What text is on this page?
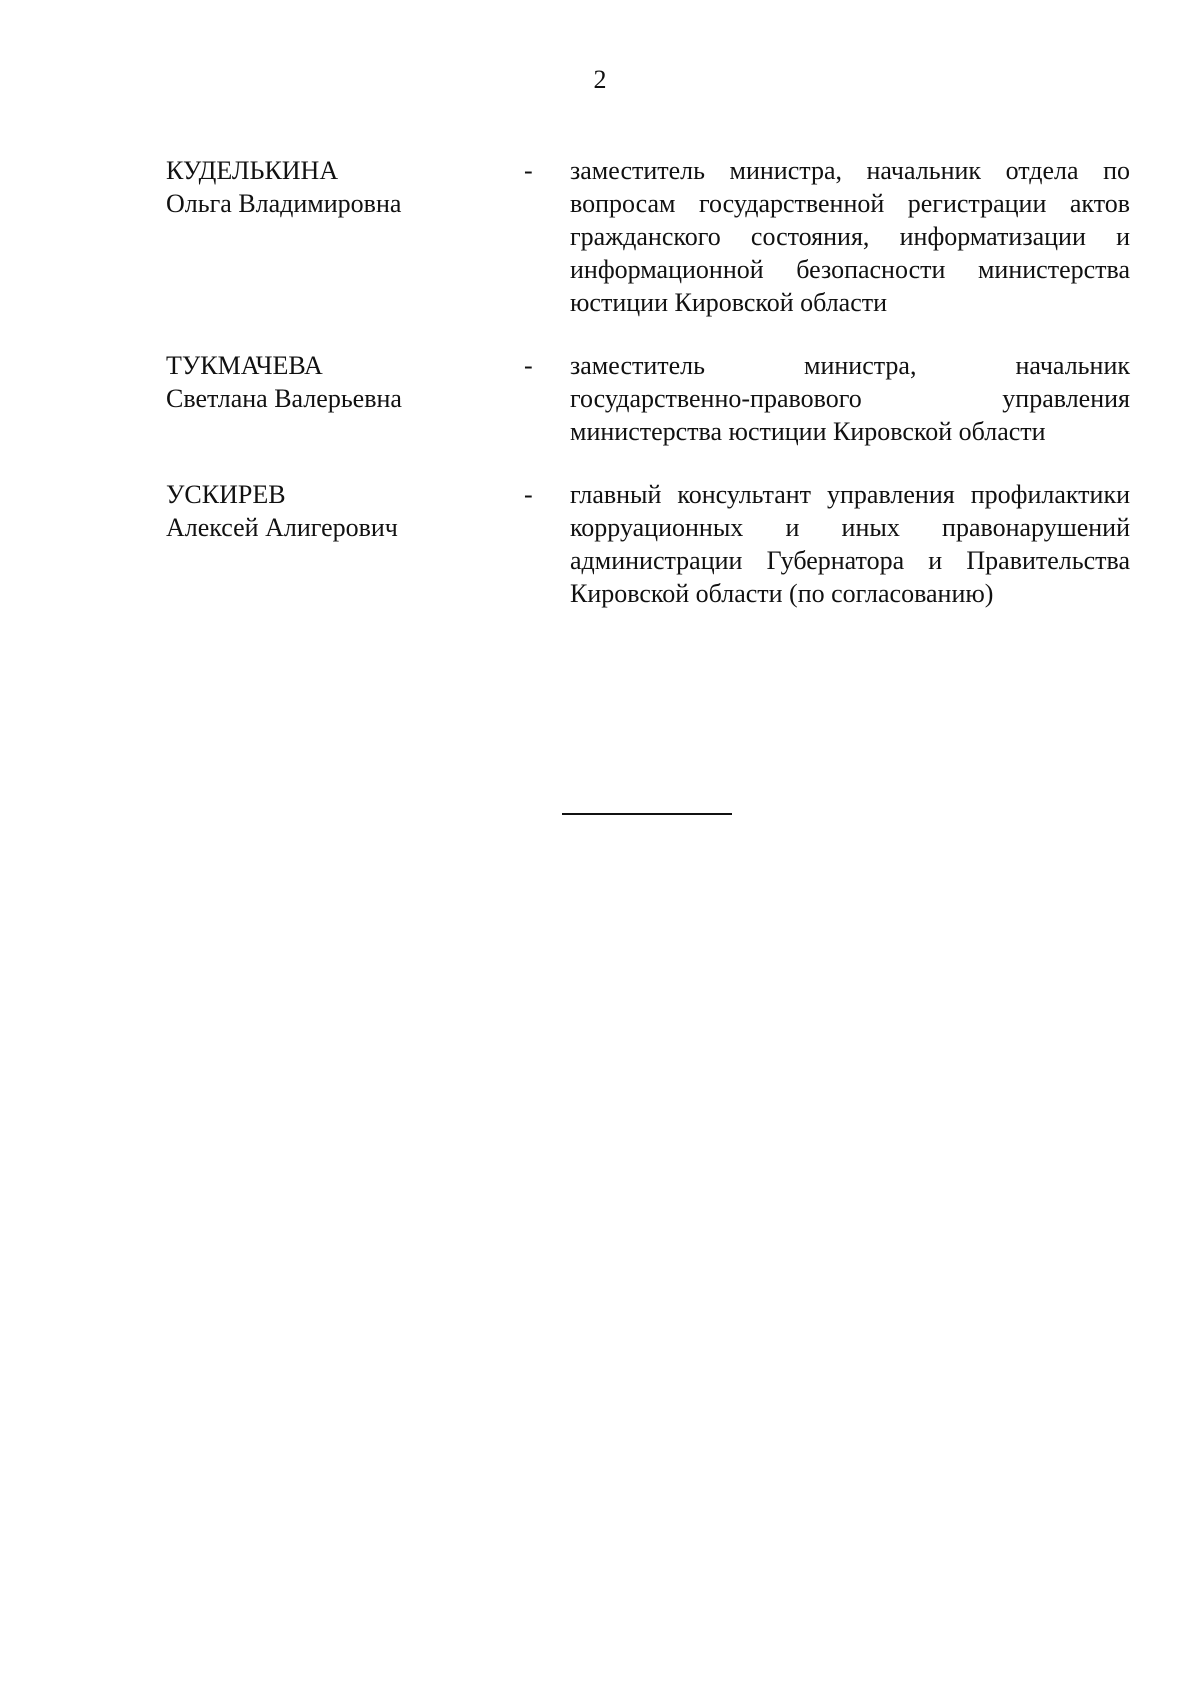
2
КУДЕЛЬКИНА
Ольга Владимировна
- заместитель министра, начальник отдела по вопросам государственной регистрации актов гражданского состояния, информатизации и информационной безопасности министерства юстиции Кировской области
ТУКМАЧЕВА
Светлана Валерьевна
- заместитель министра, начальник государственно-правового управления министерства юстиции Кировской области
УСКИРЕВ
Алексей Алигерович
- главный консультант управления профилактики корруационных и иных правонарушений администрации Губернатора и Правительства Кировской области (по согласованию)
